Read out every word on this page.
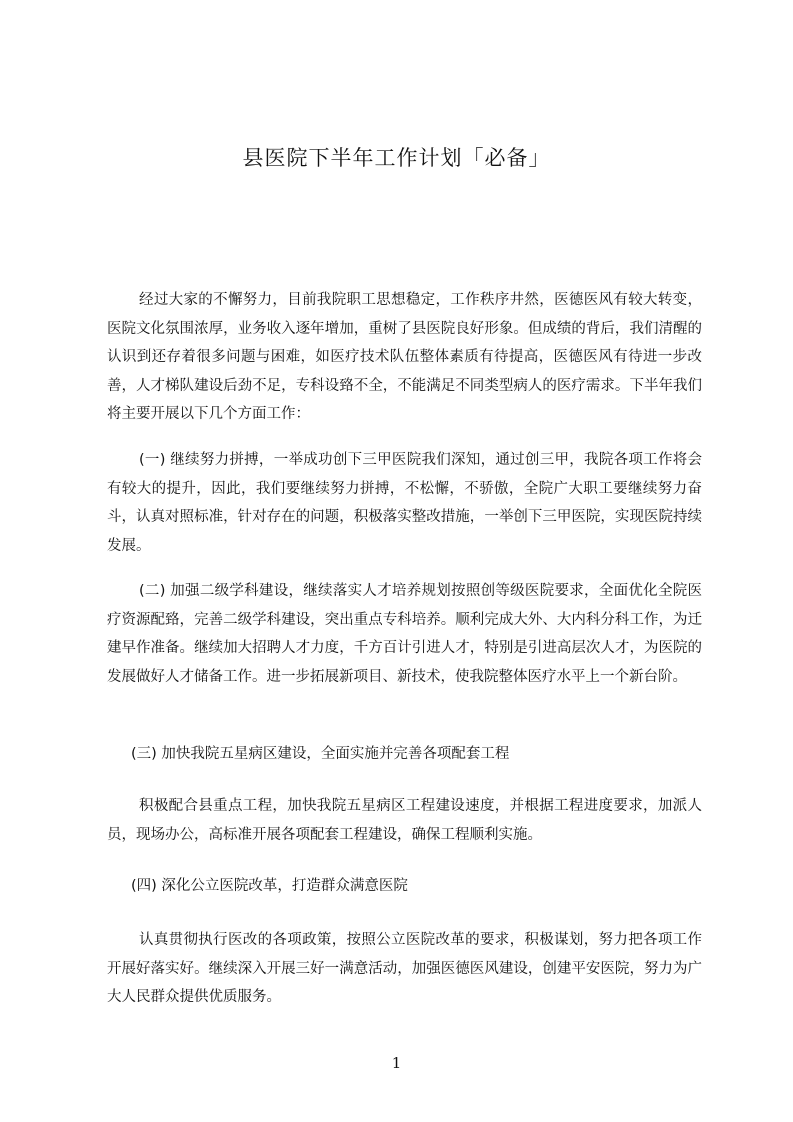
县医院下半年工作计划「必备」

经过大家的不懈努力，目前我院职工思想稳定，工作秩序井然，医德医风有较大转变，医院文化氛围浓厚，业务收入逐年增加，重树了县医院良好形象。但成绩的背后，我们清醒的认识到还存着很多问题与困难，如医疗技术队伍整体素质有待提高，医德医风有待进一步改善，人才梯队建设后劲不足，专科设臵不全，不能满足不同类型病人的医疗需求。下半年我们将主要开展以下几个方面工作：

(一) 继续努力拼搏，一举成功创下三甲医院我们深知，通过创三甲，我院各项工作将会有较大的提升，因此，我们要继续努力拼搏，不松懈，不骄傲，全院广大职工要继续努力奋斗，认真对照标准，针对存在的问题，积极落实整改措施，一举创下三甲医院，实现医院持续发展。

(二) 加强二级学科建设，继续落实人才培养规划按照创等级医院要求，全面优化全院医疗资源配臵，完善二级学科建设，突出重点专科培养。顺利完成大外、大内科分科工作，为迁建早作准备。继续加大招聘人才力度，千方百计引进人才，特别是引进高层次人才，为医院的发展做好人才储备工作。进一步拓展新项目、新技术，使我院整体医疗水平上一个新台阶。

(三) 加快我院五星病区建设，全面实施并完善各项配套工程

积极配合县重点工程，加快我院五星病区工程建设速度，并根据工程进度要求，加派人员，现场办公，高标准开展各项配套工程建设，确保工程顺利实施。

(四) 深化公立医院改革，打造群众满意医院

认真贯彻执行医改的各项政策，按照公立医院改革的要求，积极谋划，努力把各项工作开展好落实好。继续深入开展三好一满意活动，加强医德医风建设，创建平安医院，努力为广大人民群众提供优质服务。

1
